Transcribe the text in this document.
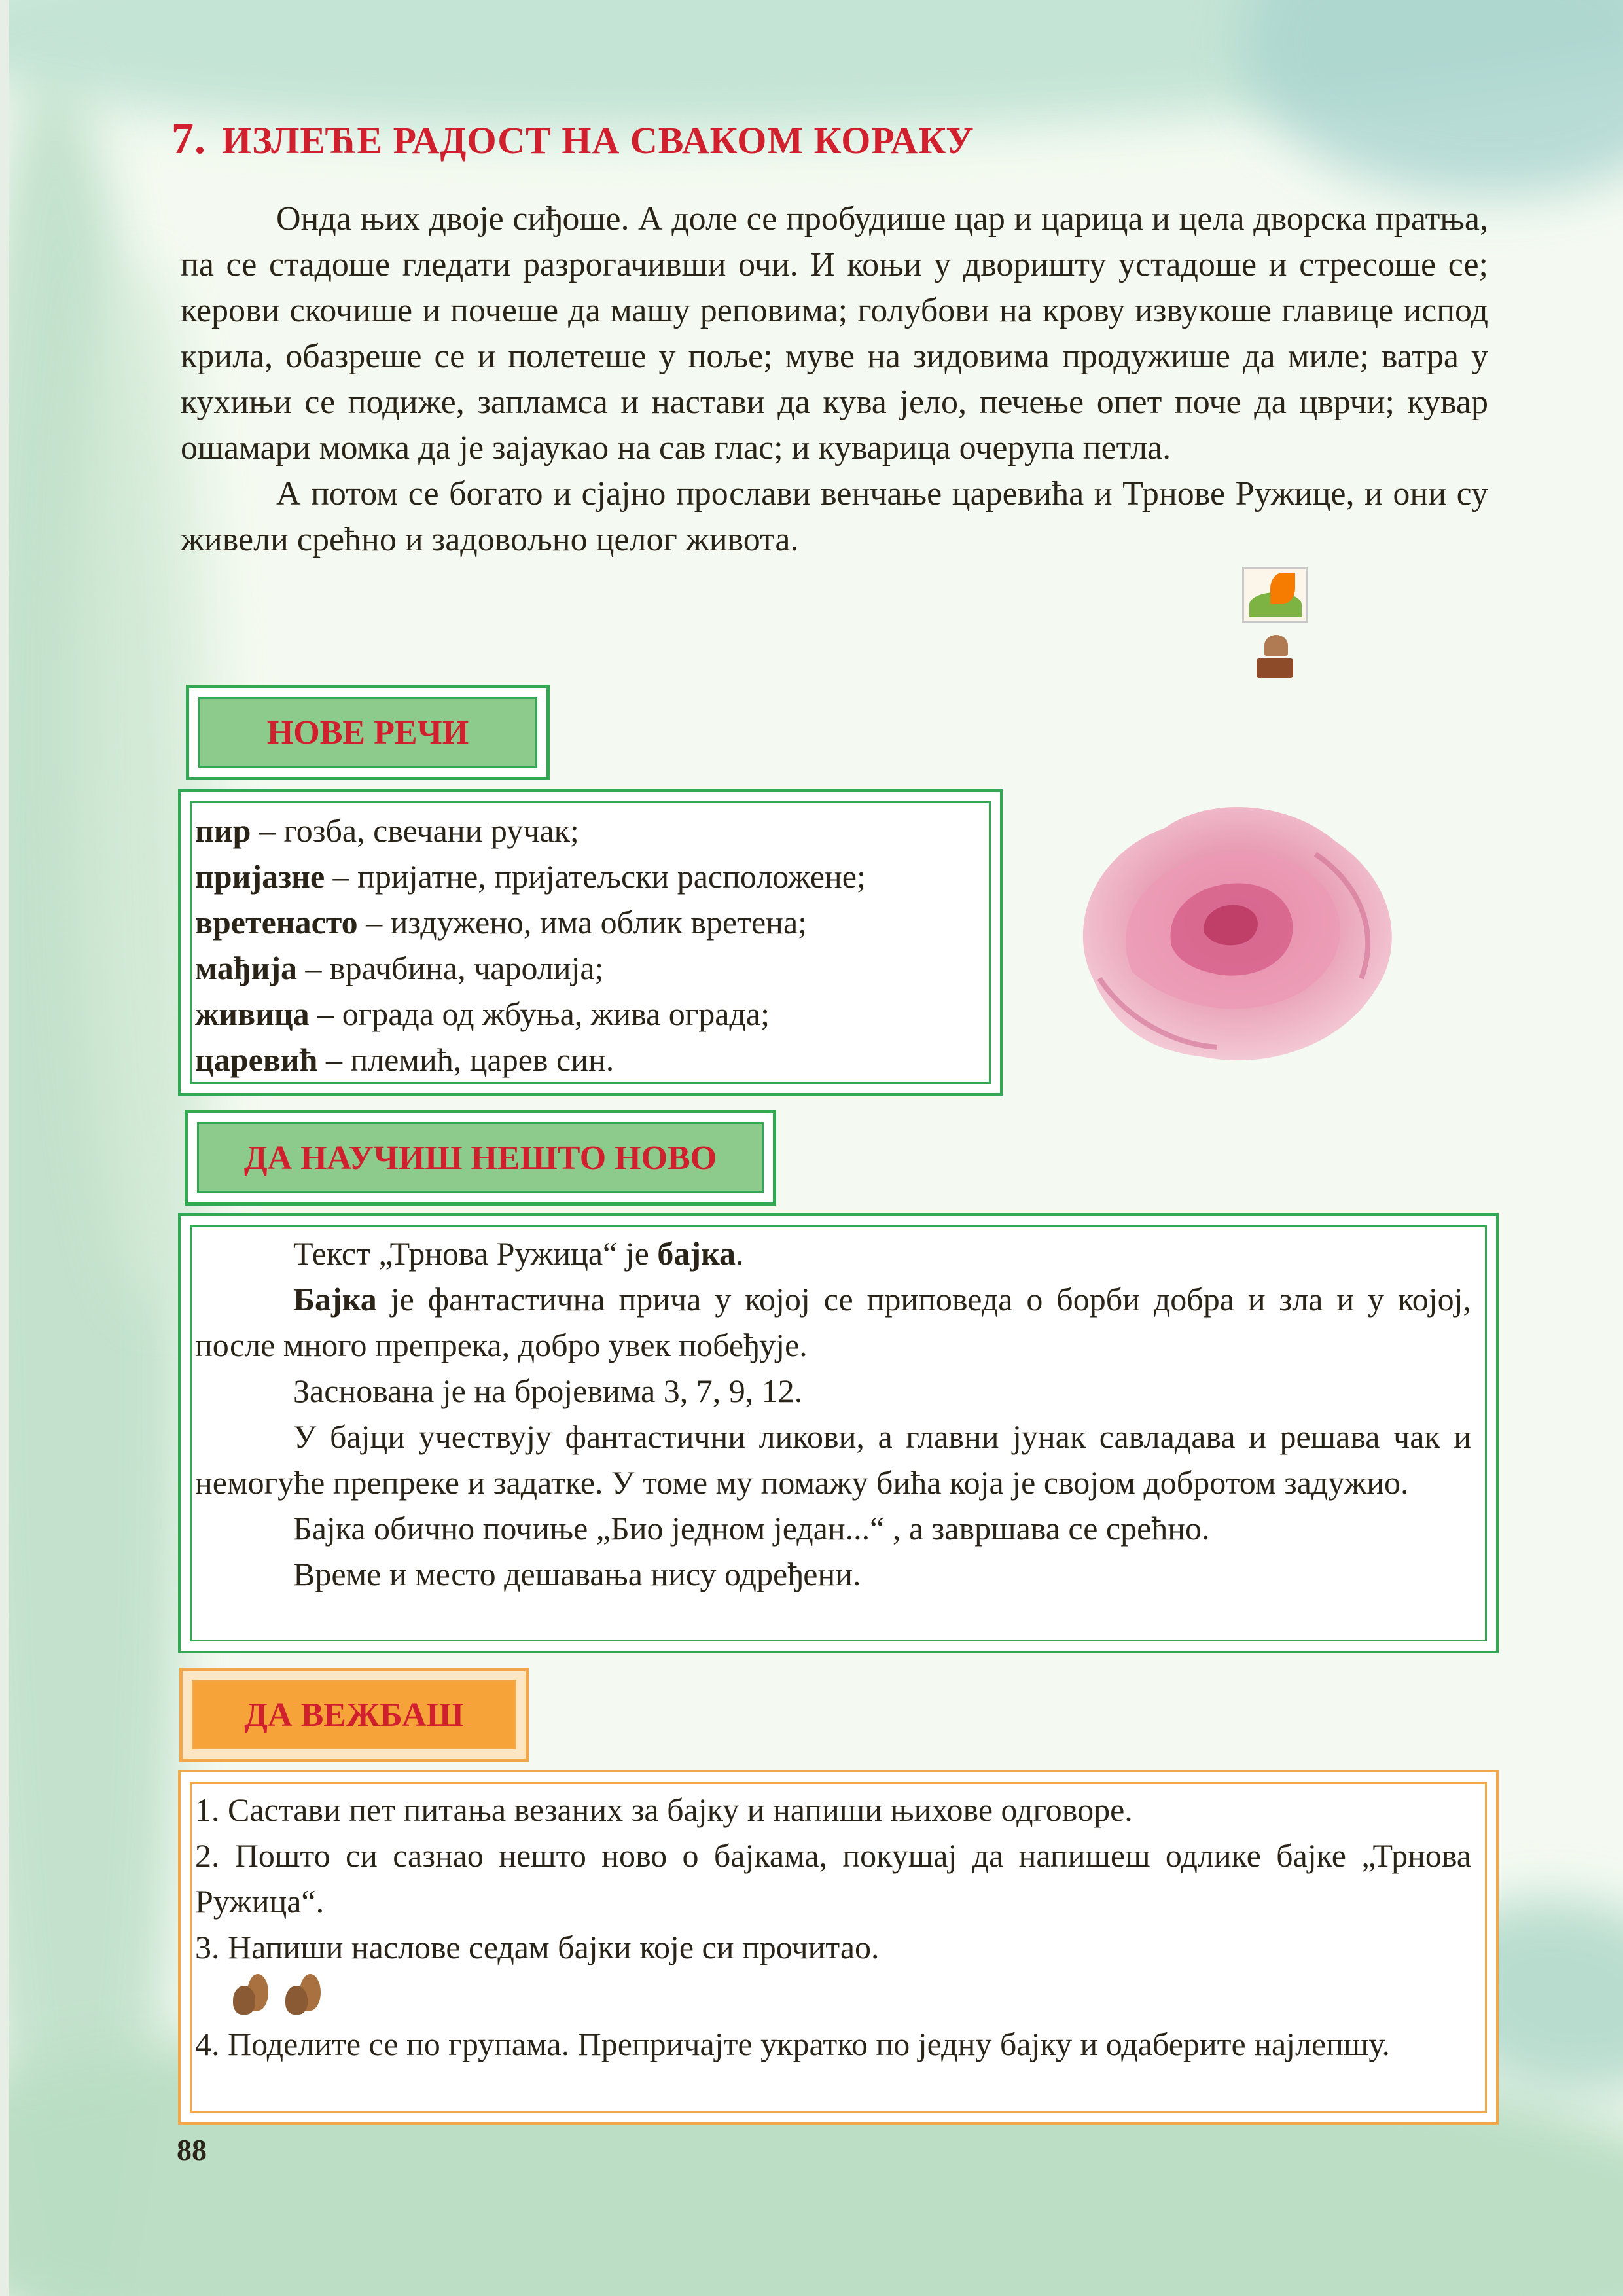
7. ИЗЛЕЋЕ РАДОСТ НА СВАКОМ КОРАКУ

Онда њих двоје сиђоше. А доле се пробудише цар и царица и цела дворска пратња, па се стадоше гледати разрогачивши очи. И коњи у дворишту устадоше и стресоше се; керови скочише и почеше да машу реповима; голубови на крову извукоше главице испод крила, обазреше се и полетеше у поље; муве на зидовима продужише да миле; ватра у кухињи се подиже, запламса и настави да кува јело, печење опет поче да цврчи; кувар ошамари момка да је зајаукао на сав глас; и куварица очерупа петла.

А потом се богато и сјајно прослави венчање царевића и Трнове Ружице, и они су живели срећно и задовољно целог живота.

НОВЕ РЕЧИ
пир – гозба, свечани ручак;
пријазне – пријатне, пријатељски расположене;
вретенасто – издужено, има облик вретена;
мађија – врачбина, чаролија;
живица – ограда од жбуња, жива ограда;
царевић – племић, царев син.
ДА НАУЧИШ НЕШТО НОВО

Текст „Трнова Ружица“ је бајка.

Бајка је фантастична прича у којој се приповеда о борби добра и зла и у којој, после много препрека, добро увек побеђује.

Заснована је на бројевима 3, 7, 9, 12.

У бајци учествују фантастични ликови, а главни јунак савладава и решава чак и немогуће препреке и задатке. У томе му помажу бића која је својом добротом задужио.

Бајка обично почиње „Био једном један...“ , а завршава се срећно.

Време и место дешавања нису одређени.

ДА ВЕЖБАШ

1. Састави пет питања везаних за бајку и напиши њихове одговоре.

2. Пошто си сазнао нешто ново о бајкама, покушај да напишеш одлике бајке „Трнова Ружица“.

3. Напиши наслове седам бајки које си прочитао.

4. Поделите се по групама. Препричајте укратко по једну бајку и одаберите најлепшу.

88
